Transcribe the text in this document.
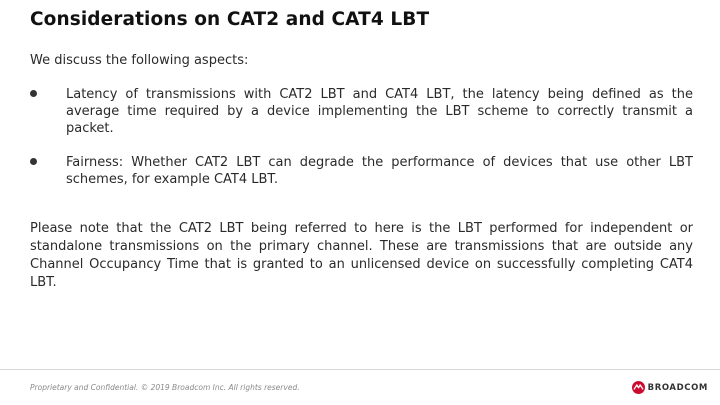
Considerations on CAT2 and CAT4 LBT
We discuss the following aspects:
Latency of transmissions with CAT2 LBT and CAT4 LBT, the latency being defined as the average time required by a device implementing the LBT scheme to correctly transmit a packet.
Fairness: Whether CAT2 LBT can degrade the performance of devices that use other LBT schemes, for example CAT4 LBT.

Please note that the CAT2 LBT being referred to here is the LBT performed for independent or standalone transmissions on the primary channel. These are transmissions that are outside any Channel Occupancy Time that is granted to an unlicensed device on successfully completing CAT4 LBT.

Proprietary and Confidential. © 2019 Broadcom Inc. All rights reserved.	BROADCOM
